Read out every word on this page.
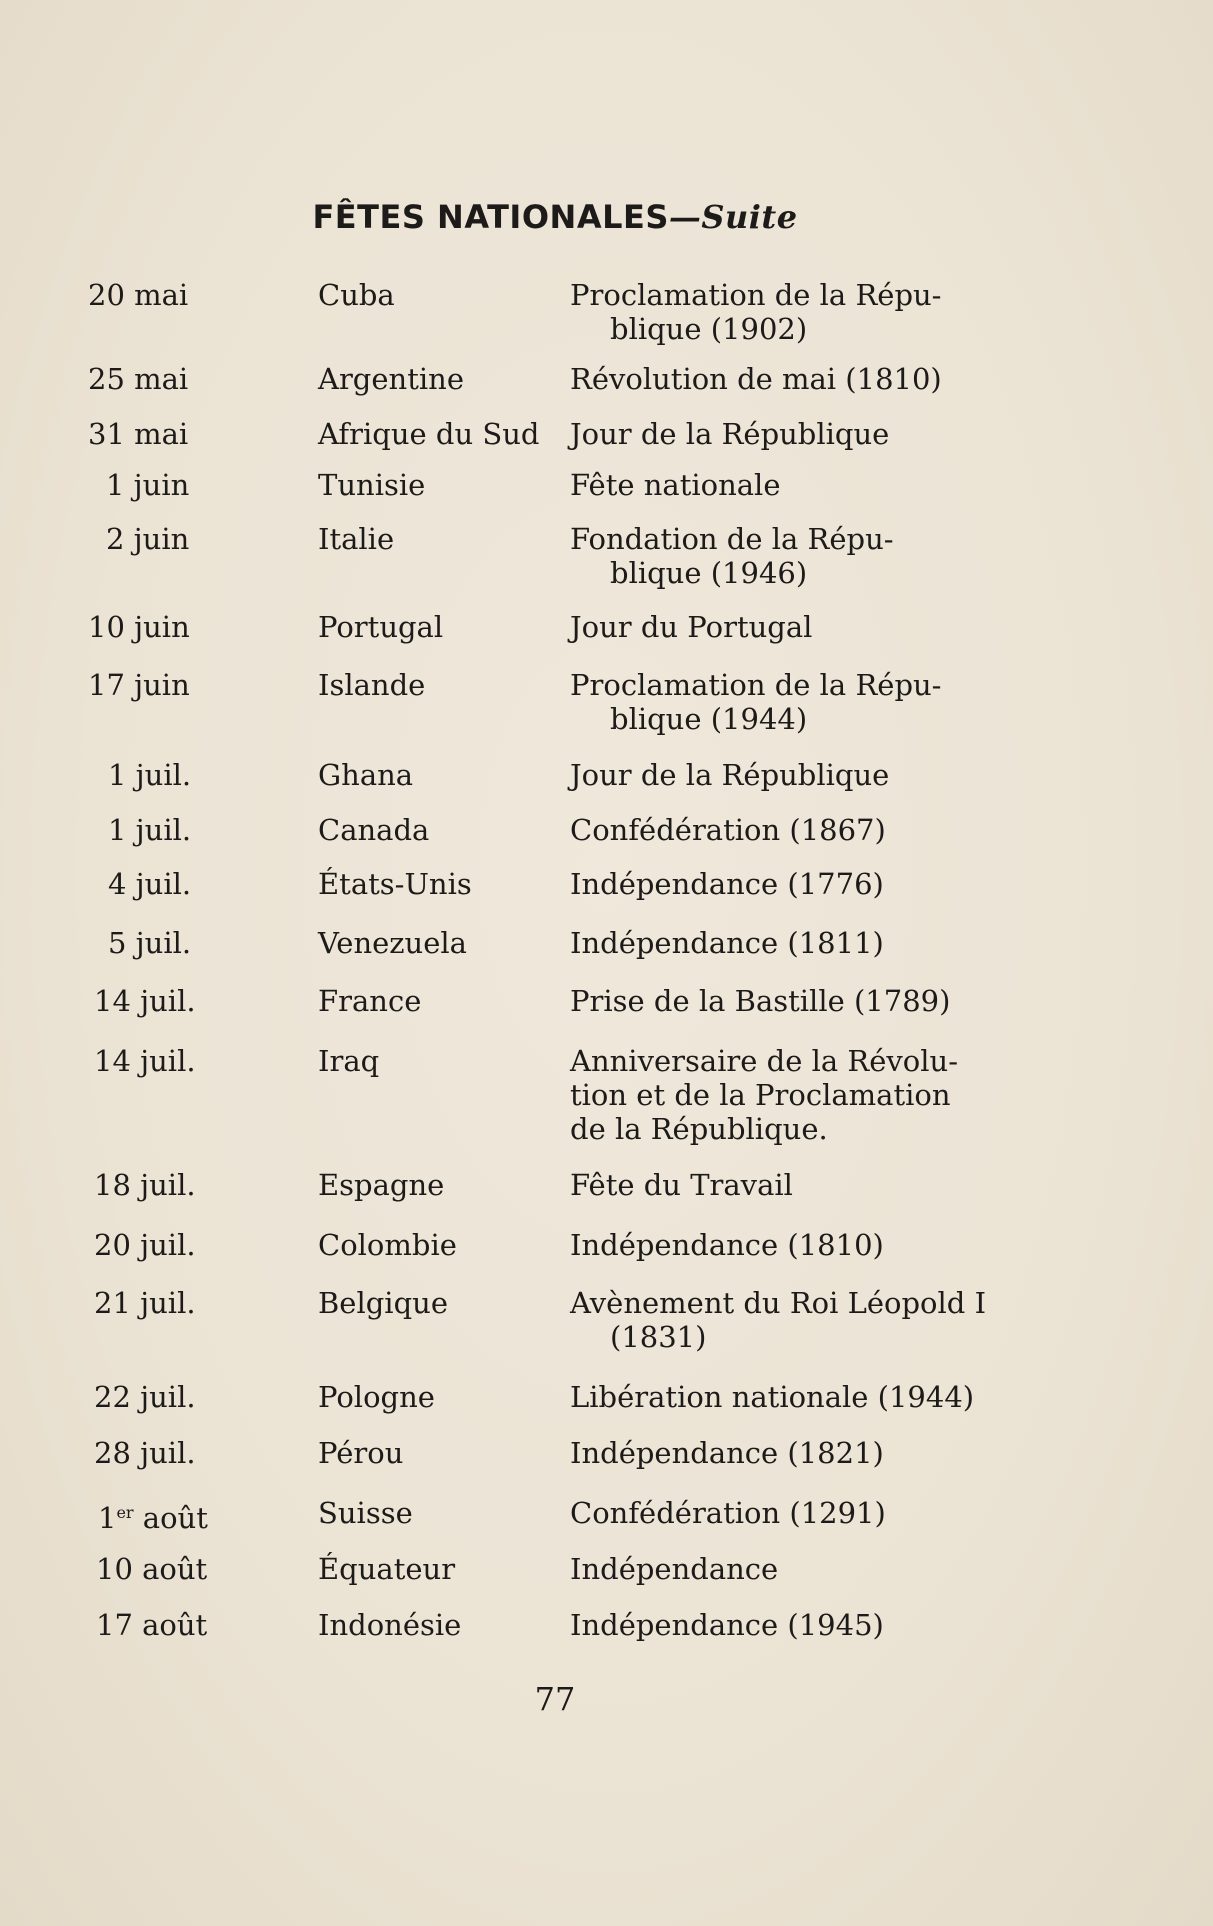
FÊTES NATIONALES—Suite
20 mai	Cuba	Proclamation de la Répu-
blique (1902)
25 mai	Argentine	Révolution de mai (1810)
31 mai	Afrique du Sud	Jour de la République
1 juin	Tunisie	Fête nationale
2 juin	Italie	Fondation de la Répu-
blique (1946)
10 juin	Portugal	Jour du Portugal
17 juin	Islande	Proclamation de la Répu-
blique (1944)
1 juil.	Ghana	Jour de la République
1 juil.	Canada	Confédération (1867)
4 juil.	États-Unis	Indépendance (1776)
5 juil.	Venezuela	Indépendance (1811)
14 juil.	France	Prise de la Bastille (1789)
14 juil.	Iraq	Anniversaire de la Révolu-
tion et de la Proclamation
de la République.
18 juil.	Espagne	Fête du Travail
20 juil.	Colombie	Indépendance (1810)
21 juil.	Belgique	Avènement du Roi Léopold I
(1831)
22 juil.	Pologne	Libération nationale (1944)
28 juil.	Pérou	Indépendance (1821)
1er août	Suisse	Confédération (1291)
10 août	Équateur	Indépendance
17 août	Indonésie	Indépendance (1945)
77
